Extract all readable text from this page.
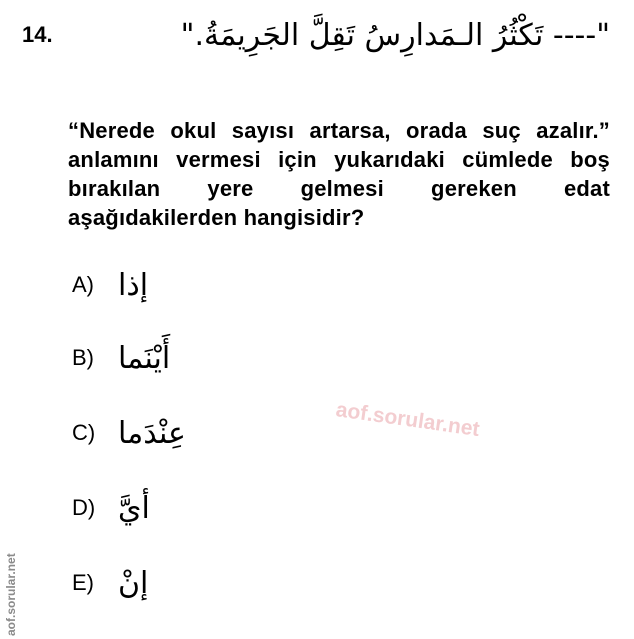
14.	"---- تَكْثُرُ الـمَدارِسُ تَقِلَّ الجَرِيمَةُ."
“Nerede okul sayısı artarsa, orada suç azalır.” anlamını vermesi için yukarıdaki cümlede boş bırakılan yere gelmesi gereken edat aşağıdakilerden hangisidir?
A) إذا
B) أَيْنَما
C) عِنْدَما
D) أيَّ
E) إنْ
aof.sorular.net
aof.sorular.net
